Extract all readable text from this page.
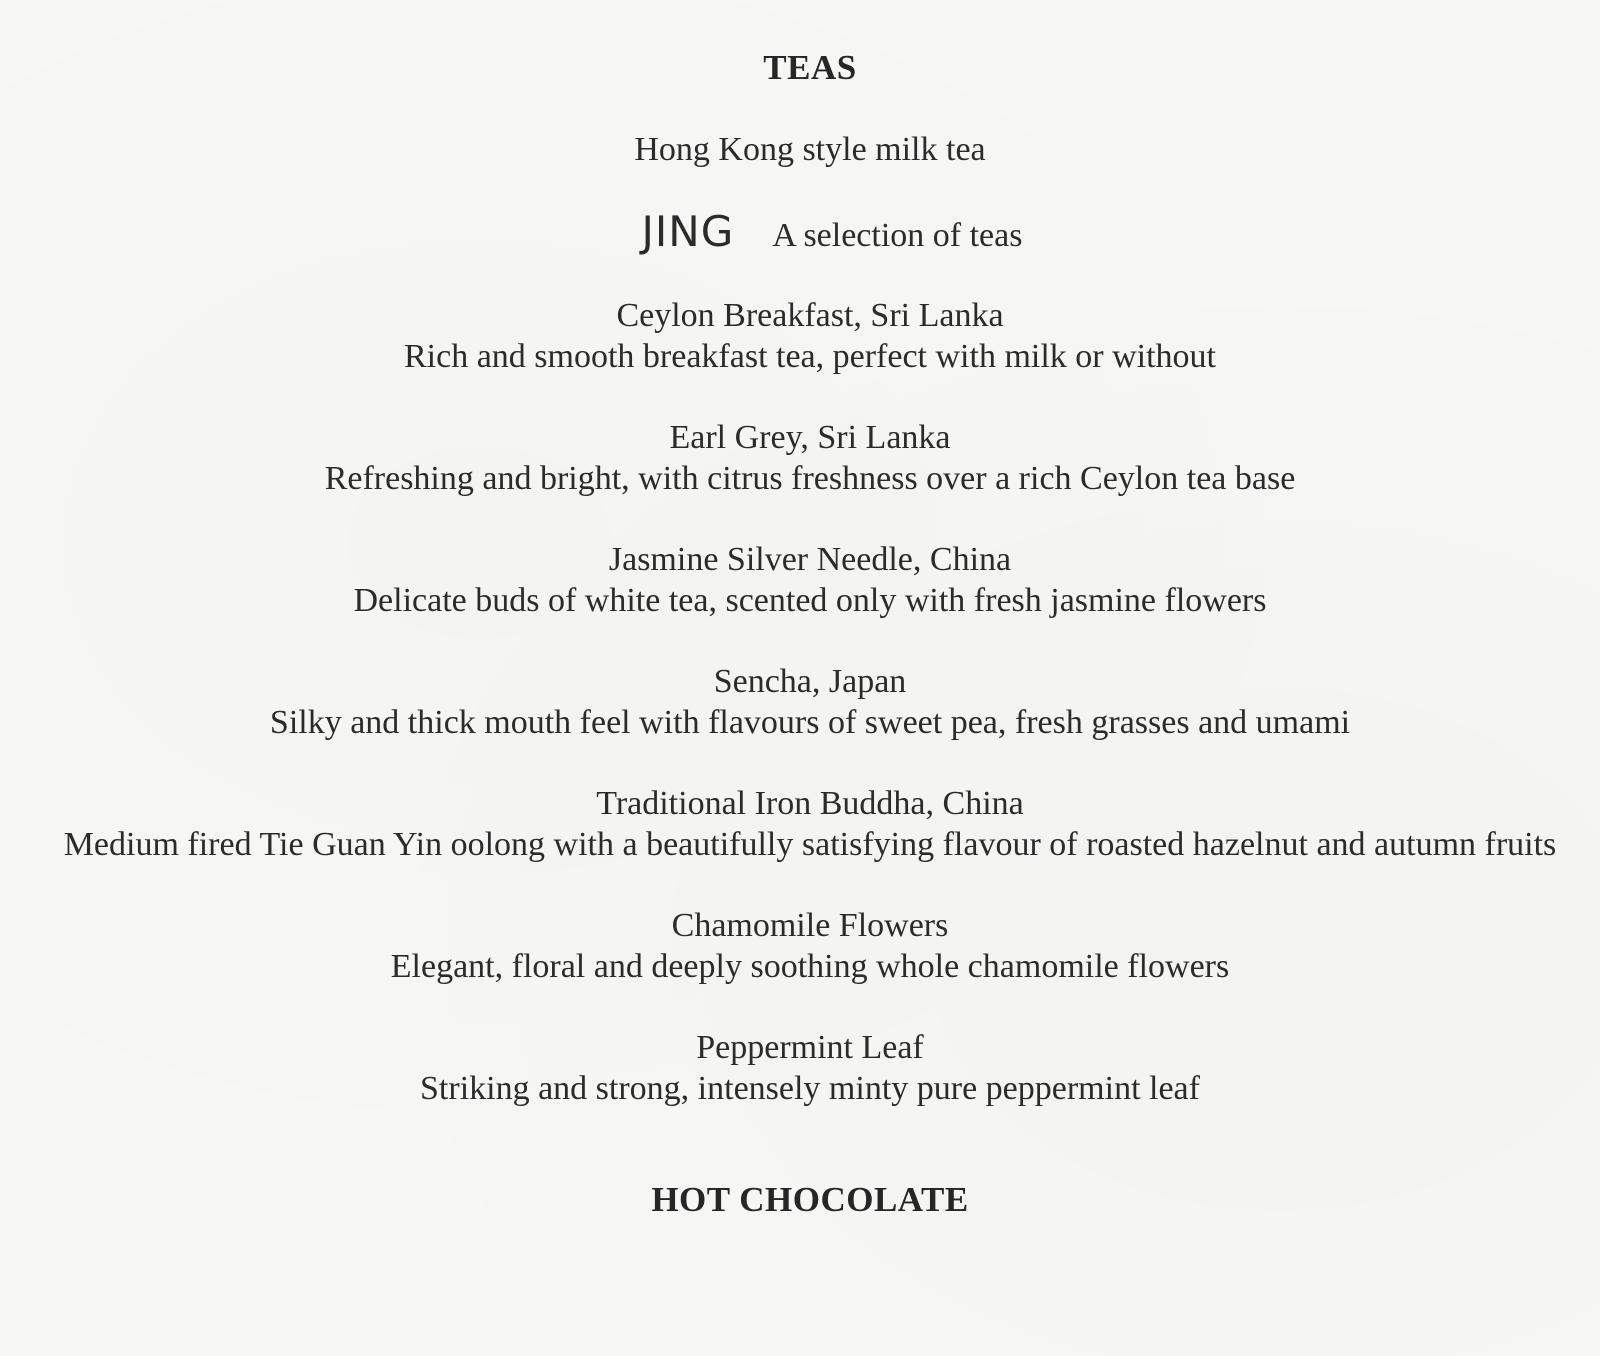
TEAS
Hong Kong style milk tea
JING A selection of teas
Ceylon Breakfast, Sri Lanka
Rich and smooth breakfast tea, perfect with milk or without
Earl Grey, Sri Lanka
Refreshing and bright, with citrus freshness over a rich Ceylon tea base
Jasmine Silver Needle, China
Delicate buds of white tea, scented only with fresh jasmine flowers
Sencha, Japan
Silky and thick mouth feel with flavours of sweet pea, fresh grasses and umami
Traditional Iron Buddha, China
Medium fired Tie Guan Yin oolong with a beautifully satisfying flavour of roasted hazelnut and autumn fruits
Chamomile Flowers
Elegant, floral and deeply soothing whole chamomile flowers
Peppermint Leaf
Striking and strong, intensely minty pure peppermint leaf
HOT CHOCOLATE
